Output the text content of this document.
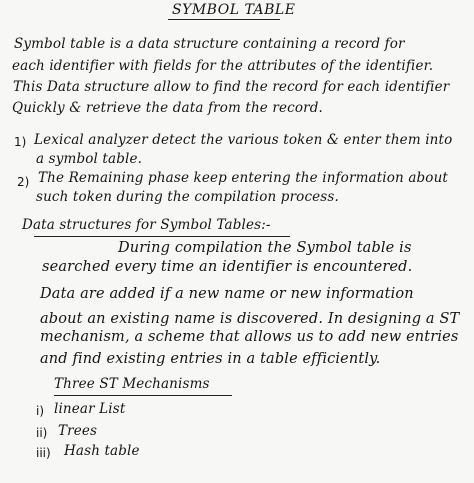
SYMBOL TABLE
Symbol table is a data structure containing a record for
each identifier with fields for the attributes of the identifier.
This Data structure allow to find the record for each identifier
Quickly & retrieve the data from the record.
1) Lexical analyzer detect the various token & enter them into
a symbol table.
2) The Remaining phase keep entering the information about
such token during the compilation process.
Data structures for Symbol Tables:-
During compilation the Symbol table is
searched every time an identifier is encountered.
Data are added if a new name or new information
about an existing name is discovered. In designing a ST
mechanism, a scheme that allows us to add new entries
and find existing entries in a table efficiently.
Three ST Mechanisms
i) linear List
ii) Trees
iii) Hash table
